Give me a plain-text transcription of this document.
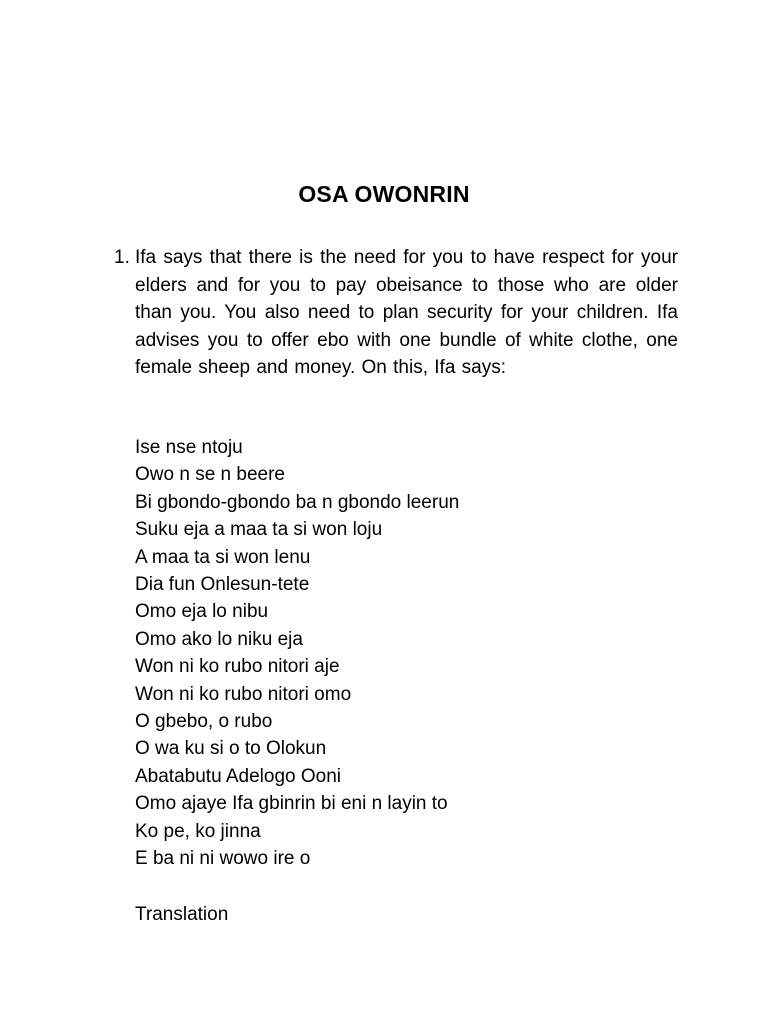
OSA OWONRIN
1. Ifa says that there is the need for you to have respect for your elders and for you to pay obeisance to those who are older than you. You also need to plan security for your children. Ifa advises you to offer ebo with one bundle of white clothe, one female sheep and money. On this, Ifa says:
Ise nse ntoju
Owo n se n beere
Bi gbondo-gbondo ba n gbondo leerun
Suku eja a maa ta si won loju
A maa ta si won lenu
Dia fun Onlesun-tete
Omo eja lo nibu
Omo ako lo niku eja
Won ni ko rubo nitori aje
Won ni ko rubo nitori omo
O gbebo, o rubo
O wa ku si o to Olokun
Abatabutu Adelogo Ooni
Omo ajaye Ifa gbinrin bi eni n layin to
Ko pe, ko jinna
E ba ni ni wowo ire o
Translation
